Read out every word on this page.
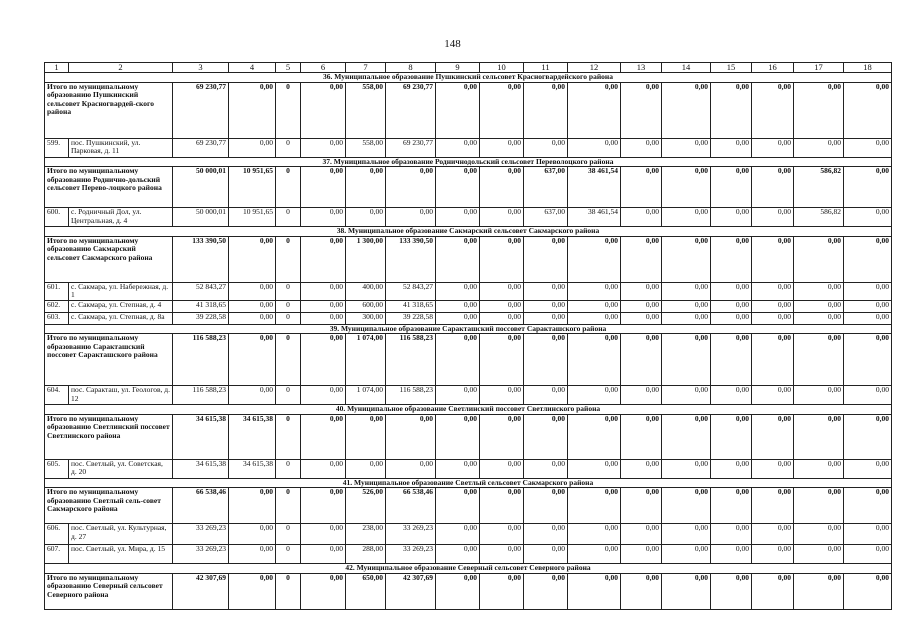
148
1	2	3	4	5	6	7	8	9	10	11	12	13	14	15	16	17	18
36. Муниципальное образование Пушкинский сельсовет Красногвардейского района																	
Итого по муниципальному образованию Пушкинский сельсовет Красногвардей-ского района		69 230,77	0,00	0	0,00	558,00	69 230,77	0,00	0,00	0,00	0,00	0,00	0,00	0,00	0,00	0,00	0,00
599.	пос. Пушкинский, ул. Парковая, д. 11	69 230,77	0,00	0	0,00	558,00	69 230,77	0,00	0,00	0,00	0,00	0,00	0,00	0,00	0,00	0,00	0,00
37. Муниципальное образование Родничнодольский сельсовет Переволоцкого района																	
Итого по муниципальному образованию Роднично-дольский сельсовет Перево-лоцкого района		50 000,01	10 951,65	0	0,00	0,00	0,00	0,00	0,00	637,00	38 461,54	0,00	0,00	0,00	0,00	586,82	0,00
600.	с. Родничный Дол, ул. Центральная, д. 4	50 000,01	10 951,65	0	0,00	0,00	0,00	0,00	0,00	637,00	38 461,54	0,00	0,00	0,00	0,00	586,82	0,00
38. Муниципальное образование Сакмарский сельсовет Сакмарского района																	
Итого по муниципальному образованию Сакмарский сельсовет Сакмарского района		133 390,50	0,00	0	0,00	1 300,00	133 390,50	0,00	0,00	0,00	0,00	0,00	0,00	0,00	0,00	0,00	0,00
601.	с. Сакмара, ул. Набережная, д. 1	52 843,27	0,00	0	0,00	400,00	52 843,27	0,00	0,00	0,00	0,00	0,00	0,00	0,00	0,00	0,00	0,00
602.	с. Сакмара, ул. Степная, д. 4	41 318,65	0,00	0	0,00	600,00	41 318,65	0,00	0,00	0,00	0,00	0,00	0,00	0,00	0,00	0,00	0,00
603.	с. Сакмара, ул. Степная, д. 8а	39 228,58	0,00	0	0,00	300,00	39 228,58	0,00	0,00	0,00	0,00	0,00	0,00	0,00	0,00	0,00	0,00
39. Муниципальное образование Саракташский поссовет Саракташского района																	
Итого по муниципальному образованию Саракташский поссовет Саракташского района		116 588,23	0,00	0	0,00	1 074,00	116 588,23	0,00	0,00	0,00	0,00	0,00	0,00	0,00	0,00	0,00	0,00
604.	пос. Саракташ, ул. Геологов, д. 12	116 588,23	0,00	0	0,00	1 074,00	116 588,23	0,00	0,00	0,00	0,00	0,00	0,00	0,00	0,00	0,00	0,00
40. Муниципальное образование Светлинский поссовет Светлинского района																	
Итого по муниципальному образованию Светлинский поссовет Светлинского района		34 615,38	34 615,38	0	0,00	0,00	0,00	0,00	0,00	0,00	0,00	0,00	0,00	0,00	0,00	0,00	0,00
605.	пос. Светлый, ул. Советская, д. 20	34 615,38	34 615,38	0	0,00	0,00	0,00	0,00	0,00	0,00	0,00	0,00	0,00	0,00	0,00	0,00	0,00
41. Муниципальное образование Светлый сельсовет Сакмарского района																	
Итого по муниципальному образованию Светлый сель-совет Сакмарского района		66 538,46	0,00	0	0,00	526,00	66 538,46	0,00	0,00	0,00	0,00	0,00	0,00	0,00	0,00	0,00	0,00
606.	пос. Светлый, ул. Культурная, д. 27	33 269,23	0,00	0	0,00	238,00	33 269,23	0,00	0,00	0,00	0,00	0,00	0,00	0,00	0,00	0,00	0,00
607.	пос. Светлый, ул. Мира, д. 15	33 269,23	0,00	0	0,00	288,00	33 269,23	0,00	0,00	0,00	0,00	0,00	0,00	0,00	0,00	0,00	0,00
42. Муниципальное образование Северный сельсовет Северного района																	
Итого по муниципальному образованию Северный сельсовет Северного района		42 307,69	0,00	0	0,00	650,00	42 307,69	0,00	0,00	0,00	0,00	0,00	0,00	0,00	0,00	0,00	0,00
